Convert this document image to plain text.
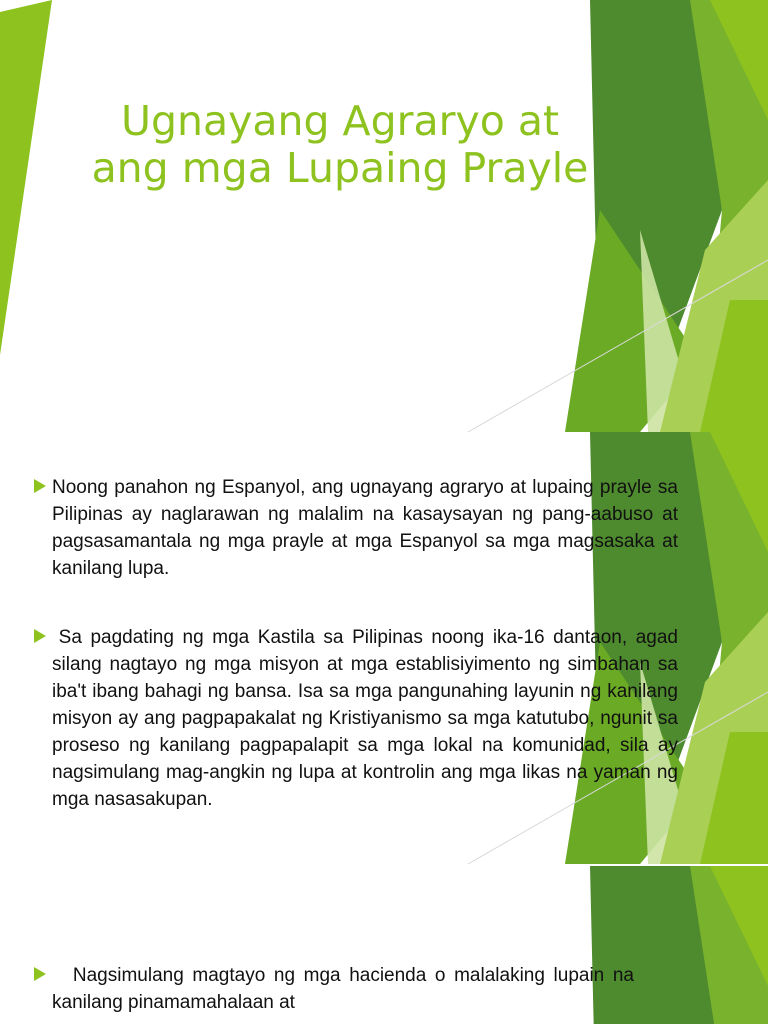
Ugnayang Agraryo at ang mga Lupaing Prayle

Noong panahon ng Espanyol, ang ugnayang agraryo at lupaing prayle sa Pilipinas ay naglarawan ng malalim na kasaysayan ng pang-aabuso at pagsasamantala ng mga prayle at mga Espanyol sa mga magsasaka at kanilang lupa.

Sa pagdating ng mga Kastila sa Pilipinas noong ika-16 dantaon, agad silang nagtayo ng mga misyon at mga establisiyimento ng simbahan sa iba't ibang bahagi ng bansa. Isa sa mga pangunahing layunin ng kanilang misyon ay ang pagpapakalat ng Kristiyanismo sa mga katutubo, ngunit sa proseso ng kanilang pagpapalapit sa mga lokal na komunidad, sila ay nagsimulang mag-angkin ng lupa at kontrolin ang mga likas na yaman ng mga nasasakupan.

Nagsimulang magtayo ng mga hacienda o malalaking lupain na kanilang pinamamahalaan at
